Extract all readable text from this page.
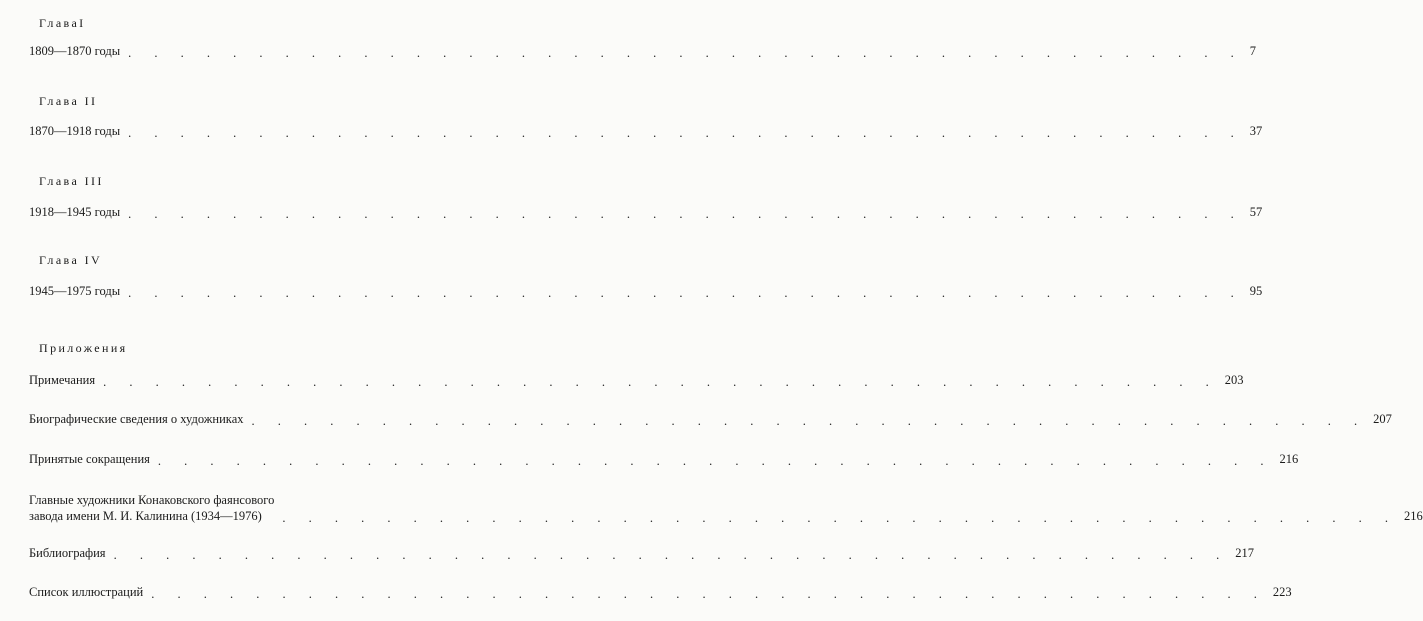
ГлаваI
1809—1870 годы . . . . . . . . . . . . . . . . . . . . . . . . . . . . . . . . . . . . . . . . . . . 7
Глава II
1870—1918 годы . . . . . . . . . . . . . . . . . . . . . . . . . . . . . . . . . . . . . . . . . . . 37
Глава III
1918—1945 годы . . . . . . . . . . . . . . . . . . . . . . . . . . . . . . . . . . . . . . . . . . . 57
Глава IV
1945—1975 годы . . . . . . . . . . . . . . . . . . . . . . . . . . . . . . . . . . . . . . . . . . . 95
Приложения
Примечания . . . . . . . . . . . . . . . . . . . . . . . . . . . . . . . . . . . . . . . . . . . 203
Биографические сведения о художниках . . . . . . . . . . . . . . . . . . . . . . . . . . . . . . . . . . . . . . . . . . . 207
Принятые сокращения . . . . . . . . . . . . . . . . . . . . . . . . . . . . . . . . . . . . . . . . . . . 216
Главные художники Конаковского фаянсового
завода имени М. И. Калинина (1934—1976)	. . . . . . . . . . . . . . . . . . . . . . . . . . . . . . . . . . . . . . . . . . . 216
Библиография . . . . . . . . . . . . . . . . . . . . . . . . . . . . . . . . . . . . . . . . . . . 217
Список иллюстраций . . . . . . . . . . . . . . . . . . . . . . . . . . . . . . . . . . . . . . . . . . . 223
